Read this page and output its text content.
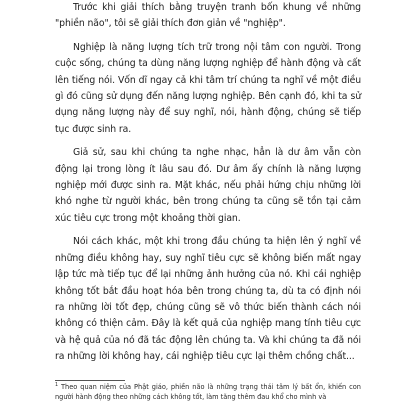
Trước khi giải thích bằng truyện tranh bốn khung về những "phiền não", tôi sẽ giải thích đơn giản về "nghiệp".

Nghiệp là năng lượng tích trữ trong nội tâm con người. Trong cuộc sống, chúng ta dùng năng lượng nghiệp để hành động và cất lên tiếng nói. Vốn dĩ ngay cả khi tâm trí chúng ta nghĩ về một điều gì đó cũng sử dụng đến năng lượng nghiệp. Bên cạnh đó, khi ta sử dụng năng lượng này để suy nghĩ, nói, hành động, chúng sẽ tiếp tục được sinh ra.

Giả sử, sau khi chúng ta nghe nhạc, hẳn là dư âm vẫn còn động lại trong lòng ít lâu sau đó. Dư âm ấy chính là năng lượng nghiệp mới được sinh ra. Mặt khác, nếu phải hứng chịu những lời khó nghe từ người khác, bên trong chúng ta cũng sẽ tồn tại cảm xúc tiêu cực trong một khoảng thời gian.

Nói cách khác, một khi trong đầu chúng ta hiện lên ý nghĩ về những điều không hay, suy nghĩ tiêu cực sẽ không biến mất ngay lập tức mà tiếp tục để lại những ảnh hưởng của nó. Khi cái nghiệp không tốt bắt đầu hoạt hóa bên trong chúng ta, dù ta có định nói ra những lời tốt đẹp, chúng cũng sẽ vô thức biến thành cách nói không có thiện cảm. Đây là kết quả của nghiệp mang tính tiêu cực và hệ quả của nó đã tác động lên chúng ta. Và khi chúng ta đã nói ra những lời không hay, cái nghiệp tiêu cực lại thêm chồng chất...

$^1$ Theo quan niệm của Phật giáo, phiền não là những trạng thái tâm lý bất ổn, khiến con người hành động theo những cách không tốt, làm tăng thêm đau khổ cho mình và
